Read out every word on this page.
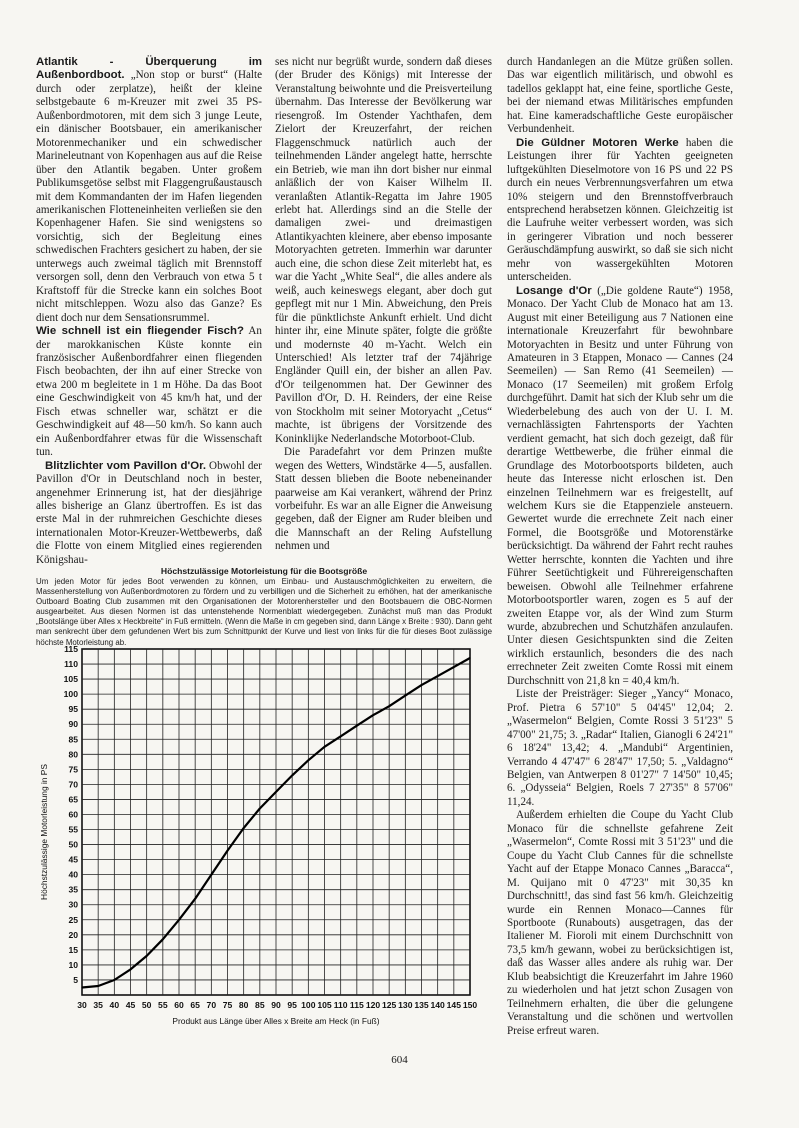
Atlantik - Überquerung im Außenbordboot. „Non stop or burst“ (Halte durch oder zerplatze), heißt der kleine selbstgebaute 6 m-Kreuzer mit zwei 35 PS-Außenbordmotoren, mit dem sich 3 junge Leute, ein dänischer Bootsbauer, ein amerikanischer Motorenmechaniker und ein schwedischer Marineleutnant von Kopenhagen aus auf die Reise über den Atlantik begaben. Unter großem Publikumsgetöse selbst mit Flaggengrußaustausch mit dem Kommandanten der im Hafen liegenden amerikanischen Flotteneinheiten verließen sie den Kopenhagener Hafen. Sie sind wenigstens so vorsichtig, sich der Begleitung eines schwedischen Frachters gesichert zu haben, der sie unterwegs auch zweimal täglich mit Brennstoff versorgen soll, denn den Verbrauch von etwa 5 t Kraftstoff für die Strecke kann ein solches Boot nicht mitschleppen. Wozu also das Ganze? Es dient doch nur dem Sensationsrummel.

Wie schnell ist ein fliegender Fisch? An der marokkanischen Küste konnte ein französischer Außenbordfahrer einen fliegenden Fisch beobachten, der ihn auf einer Strecke von etwa 200 m begleitete in 1 m Höhe. Da das Boot eine Geschwindigkeit von 45 km/h hat, und der Fisch etwas schneller war, schätzt er die Geschwindigkeit auf 48—50 km/h. So kann auch ein Außenbordfahrer etwas für die Wissenschaft tun.

Blitzlichter vom Pavillon d'Or. Obwohl der Pavillon d'Or in Deutschland noch in bester, angenehmer Erinnerung ist, hat der diesjährige alles bisherige an Glanz übertroffen. Es ist das erste Mal in der ruhmreichen Geschichte dieses internationalen Motor-Kreuzer-Wettbewerbs, daß die Flotte von einem Mitglied eines regierenden Königshau-

ses nicht nur begrüßt wurde, sondern daß dieses (der Bruder des Königs) mit Interesse der Veranstaltung beiwohnte und die Preisverteilung übernahm. Das Interesse der Bevölkerung war riesengroß. Im Ostender Yachthafen, dem Zielort der Kreuzerfahrt, der reichen Flaggenschmuck natürlich auch der teilnehmenden Länder angelegt hatte, herrschte ein Betrieb, wie man ihn dort bisher nur einmal anläßlich der von Kaiser Wilhelm II. veranlaßten Atlantik-Regatta im Jahre 1905 erlebt hat. Allerdings sind an die Stelle der damaligen zwei- und dreimastigen Atlantikyachten kleinere, aber ebenso imposante Motoryachten getreten. Immerhin war darunter auch eine, die schon diese Zeit miterlebt hat, es war die Yacht „White Seal“, die alles andere als weiß, auch keineswegs elegant, aber doch gut gepflegt mit nur 1 Min. Abweichung, den Preis für die pünktlichste Ankunft erhielt. Und dicht hinter ihr, eine Minute später, folgte die größte und modernste 40 m-Yacht. Welch ein Unterschied! Als letzter traf der 74jährige Engländer Quill ein, der bisher an allen Pav. d'Or teilgenommen hat. Der Gewinner des Pavillon d'Or, D. H. Reinders, der eine Reise von Stockholm mit seiner Motoryacht „Cetus“ machte, ist übrigens der Vorsitzende des Koninklijke Nederlandsche Motorboot-Club.

Die Paradefahrt vor dem Prinzen mußte wegen des Wetters, Windstärke 4—5, ausfallen. Statt dessen blieben die Boote nebeneinander paarweise am Kai verankert, während der Prinz vorbeifuhr. Es war an alle Eigner die Anweisung gegeben, daß der Eigner am Ruder bleiben und die Mannschaft an der Reling Aufstellung nehmen und

durch Handanlegen an die Mütze grüßen sollen. Das war eigentlich militärisch, und obwohl es tadellos geklappt hat, eine feine, sportliche Geste, bei der niemand etwas Militärisches empfunden hat. Eine kameradschaftliche Geste europäischer Verbundenheit.

Die Güldner Motoren Werke haben die Leistungen ihrer für Yachten geeigneten luftgekühlten Dieselmotore von 16 PS und 22 PS durch ein neues Verbrennungsverfahren um etwa 10% steigern und den Brennstoffverbrauch entsprechend herabsetzen können. Gleichzeitig ist die Laufruhe weiter verbessert worden, was sich in geringerer Vibration und noch besserer Geräuschdämpfung auswirkt, so daß sie sich nicht mehr von wassergekühlten Motoren unterscheiden.

Losange d'Or („Die goldene Raute“) 1958, Monaco. Der Yacht Club de Monaco hat am 13. August mit einer Beteiligung aus 7 Nationen eine internationale Kreuzerfahrt für bewohnbare Motoryachten in Besitz und unter Führung von Amateuren in 3 Etappen, Monaco — Cannes (24 Seemeilen) — San Remo (41 Seemeilen) — Monaco (17 Seemeilen) mit großem Erfolg durchgeführt. Damit hat sich der Klub sehr um die Wiederbelebung des auch von der U. I. M. vernachlässigten Fahrtensports der Yachten verdient gemacht, hat sich doch gezeigt, daß für derartige Wettbewerbe, die früher einmal die Grundlage des Motorbootsports bildeten, auch heute das Interesse nicht erloschen ist. Den einzelnen Teilnehmern war es freigestellt, auf welchem Kurs sie die Etappenziele ansteuern. Gewertet wurde die errechnete Zeit nach einer Formel, die Bootsgröße und Motorenstärke berücksichtigt. Da während der Fahrt recht rauhes Wetter herrschte, konnten die Yachten und ihre Führer Seetüchtigkeit und Führereigenschaften beweisen. Obwohl alle Teilnehmer erfahrene Motorbootsportler waren, zogen es 5 auf der zweiten Etappe vor, als der Wind zum Sturm wurde, abzubrechen und Schutzhäfen anzulaufen. Unter diesen Gesichtspunkten sind die Zeiten wirklich erstaunlich, besonders die des nach errechneter Zeit zweiten Comte Rossi mit einem Durchschnitt von 21,8 kn = 40,4 km/h.

Liste der Preisträger: Sieger „Yancy“ Monaco, Prof. Pietra 6 57'10" 5 04'45" 12,04; 2. „Wasermelon“ Belgien, Comte Rossi 3 51'23" 5 47'00" 21,75; 3. „Radar“ Italien, Gianogli 6 24'21" 6 18'24" 13,42; 4. „Mandubi“ Argentinien, Verrando 4 47'47" 6 28'47" 17,50; 5. „Valdagno“ Belgien, van Antwerpen 8 01'27" 7 14'50" 10,45; 6. „Odysseia“ Belgien, Roels 7 27'35" 8 57'06" 11,24.

Außerdem erhielten die Coupe du Yacht Club Monaco für die schnellste gefahrene Zeit „Wasermelon“, Comte Rossi mit 3 51'23" und die Coupe du Yacht Club Cannes für die schnellste Yacht auf der Etappe Monaco Cannes „Baracca“, M. Quijano mit 0 47'23" mit 30,35 kn Durchschnitt!, das sind fast 56 km/h. Gleichzeitig wurde ein Rennen Monaco—Cannes für Sportboote (Runabouts) ausgetragen, das der Italiener M. Fioroli mit einem Durchschnitt von 73,5 km/h gewann, wobei zu berücksichtigen ist, daß das Wasser alles andere als ruhig war. Der Klub beabsichtigt die Kreuzerfahrt im Jahre 1960 zu wiederholen und hat jetzt schon Zusagen von Teilnehmern erhalten, die über die gelungene Veranstaltung und die schönen und wertvollen Preise erfreut waren.

Höchstzulässige Motorleistung für die Bootsgröße
Um jeden Motor für jedes Boot verwenden zu können, um Einbau- und Austauschmöglichkeiten zu erweitern, die Massenherstellung von Außenbordmotoren zu fördern und zu verbilligen und die Sicherheit zu erhöhen, hat der amerikanische Outboard Boating Club zusammen mit den Organisationen der Motorenhersteller und den Bootsbauern die OBC-Normen ausgearbeitet. Aus diesen Normen ist das untenstehende Normenblatt wiedergegeben. Zunächst muß man das Produkt „Bootslänge über Alles x Heckbreite“ in Fuß ermitteln. (Wenn die Maße in cm gegeben sind, dann Länge x Breite : 930). Dann geht man senkrecht über dem gefundenen Wert bis zum Schnittpunkt der Kurve und liest von links für die für dieses Boot zulässige höchste Motorleistung ab.
30 35 40 45 50 55 60 65 70 75 80 85 90 95 100 105 110 115 120 125 130 135 140 145 150
5
10
15
20
25
30
35
40
45
50
55
60
65
70
75
80
85
90
95
100
105
110
115
Produkt aus Länge über Alles x Breite am Heck (in Fuß)
Höchstzulässige Motorleistung in PS
604
